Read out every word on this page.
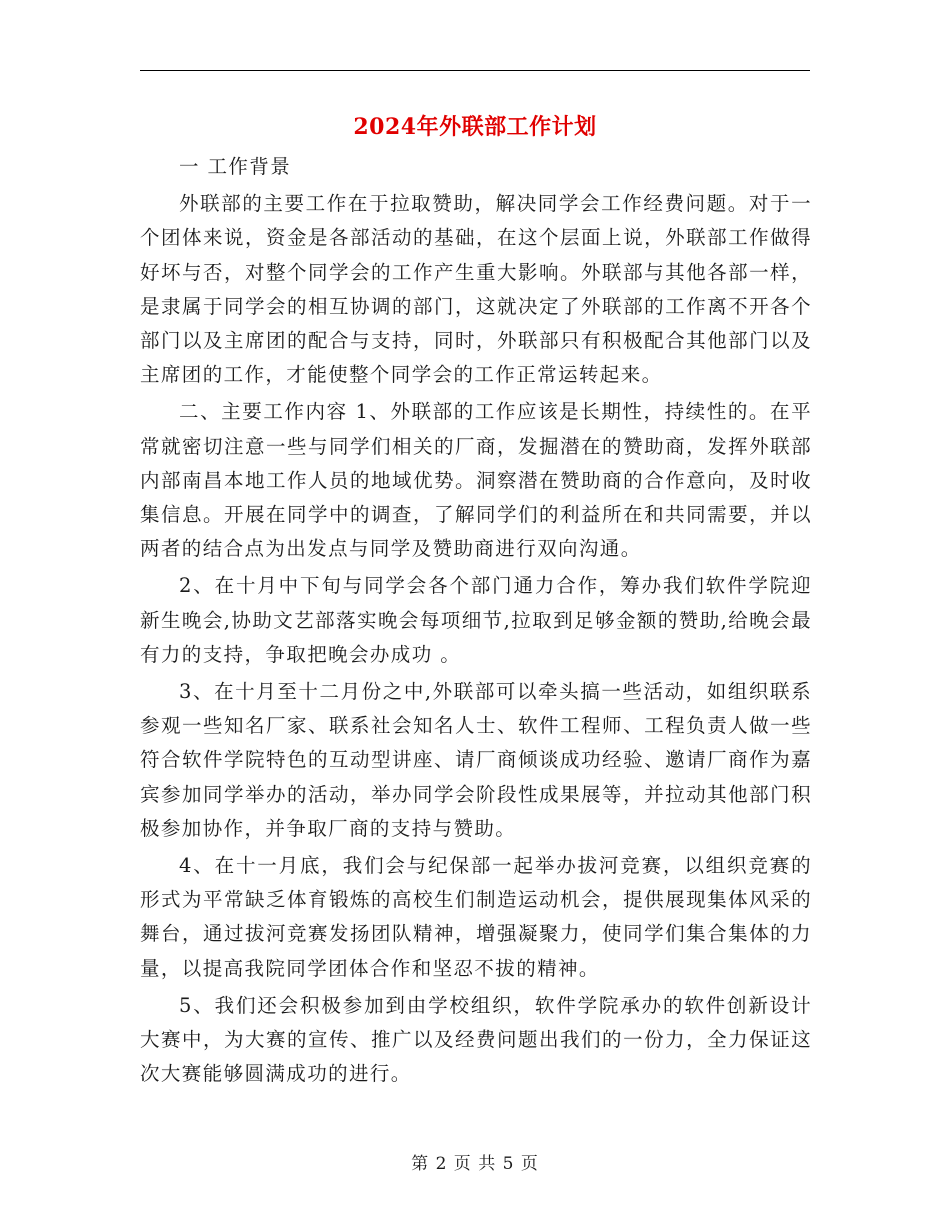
2024年外联部工作计划

一 工作背景

外联部的主要工作在于拉取赞助，解决同学会工作经费问题。对于一个团体来说，资金是各部活动的基础，在这个层面上说，外联部工作做得好坏与否，对整个同学会的工作产生重大影响。外联部与其他各部一样，是隶属于同学会的相互协调的部门，这就决定了外联部的工作离不开各个部门以及主席团的配合与支持，同时，外联部只有积极配合其他部门以及主席团的工作，才能使整个同学会的工作正常运转起来。

二、主要工作内容 1、外联部的工作应该是长期性，持续性的。在平常就密切注意一些与同学们相关的厂商，发掘潜在的赞助商，发挥外联部内部南昌本地工作人员的地域优势。洞察潜在赞助商的合作意向，及时收集信息。开展在同学中的调查，了解同学们的利益所在和共同需要，并以两者的结合点为出发点与同学及赞助商进行双向沟通。

2、在十月中下旬与同学会各个部门通力合作，筹办我们软件学院迎新生晚会,协助文艺部落实晚会每项细节,拉取到足够金额的赞助,给晚会最有力的支持，争取把晚会办成功 。

3、在十月至十二月份之中,外联部可以牵头搞一些活动，如组织联系参观一些知名厂家、联系社会知名人士、软件工程师、工程负责人做一些符合软件学院特色的互动型讲座、请厂商倾谈成功经验、邀请厂商作为嘉宾参加同学举办的活动，举办同学会阶段性成果展等，并拉动其他部门积极参加协作，并争取厂商的支持与赞助。

4、在十一月底，我们会与纪保部一起举办拔河竞赛，以组织竞赛的形式为平常缺乏体育锻炼的高校生们制造运动机会，提供展现集体风采的舞台，通过拔河竞赛发扬团队精神，增强凝聚力，使同学们集合集体的力量，以提高我院同学团体合作和坚忍不拔的精神。

5、我们还会积极参加到由学校组织，软件学院承办的软件创新设计大赛中，为大赛的宣传、推广以及经费问题出我们的一份力，全力保证这次大赛能够圆满成功的进行。

第 2 页 共 5 页
